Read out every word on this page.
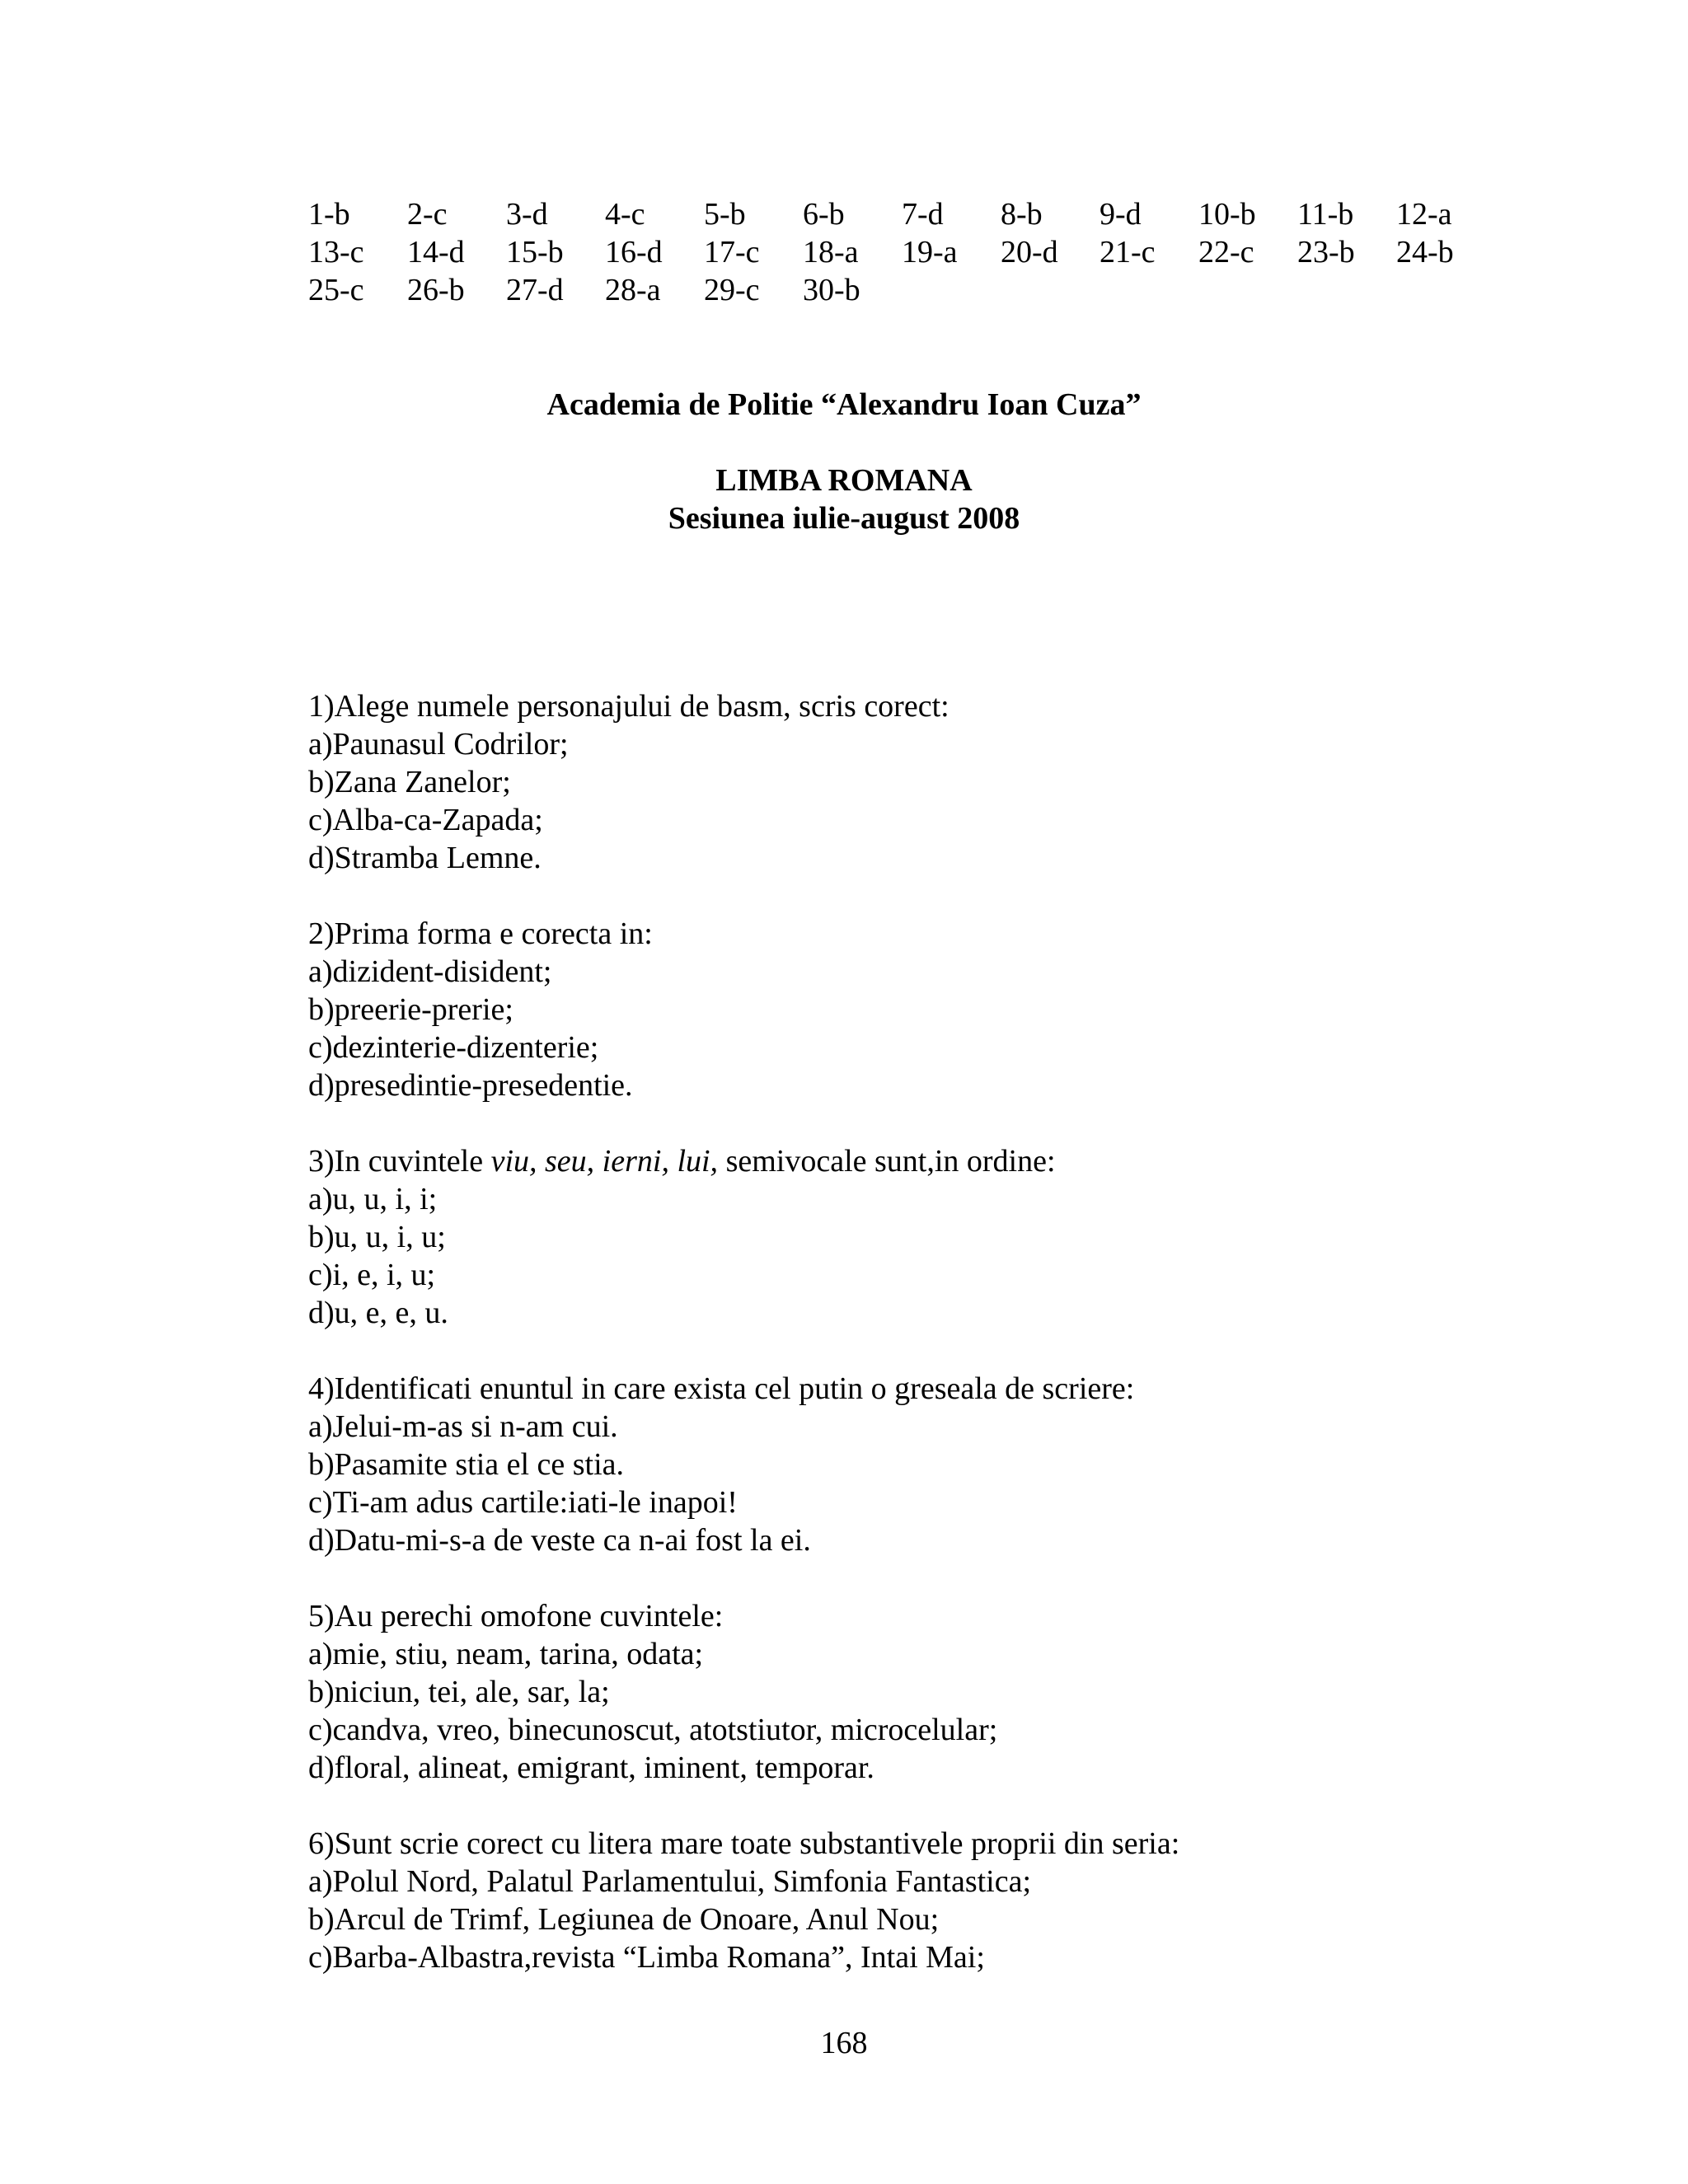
1-b	2-c	3-d	4-c	5-b	6-b	7-d	8-b	9-d	10-b	11-b	12-a
13-c	14-d	15-b	16-d	17-c	18-a	19-a	20-d	21-c	22-c	23-b	24-b
25-c	26-b	27-d	28-a	29-c	30-b

Academia de Politie “Alexandru Ioan Cuza”

LIMBA ROMANA

Sesiunea iulie-august 2008

1)Alege numele personajului de basm, scris corect:

a)Paunasul Codrilor;

b)Zana Zanelor;

c)Alba-ca-Zapada;

d)Stramba Lemne.

2)Prima forma e corecta in:

a)dizident-disident;

b)preerie-prerie;

c)dezinterie-dizenterie;

d)presedintie-presedentie.

3)In cuvintele viu, seu, ierni, lui, semivocale sunt,in ordine:

a)u, u, i, i;

b)u, u, i, u;

c)i, e, i, u;

d)u, e, e, u.

4)Identificati enuntul in care exista cel putin o greseala de scriere:

a)Jelui-m-as si n-am cui.

b)Pasamite stia el ce stia.

c)Ti-am adus cartile:iati-le inapoi!

d)Datu-mi-s-a de veste ca n-ai fost la ei.

5)Au perechi omofone cuvintele:

a)mie, stiu, neam, tarina, odata;

b)niciun, tei, ale, sar, la;

c)candva, vreo, binecunoscut, atotstiutor, microcelular;

d)floral, alineat, emigrant, iminent, temporar.

6)Sunt scrie corect cu litera mare toate substantivele proprii din seria:

a)Polul Nord, Palatul Parlamentului, Simfonia Fantastica;

b)Arcul de Trimf, Legiunea de Onoare, Anul Nou;

c)Barba-Albastra,revista “Limba Romana”, Intai Mai;

168
